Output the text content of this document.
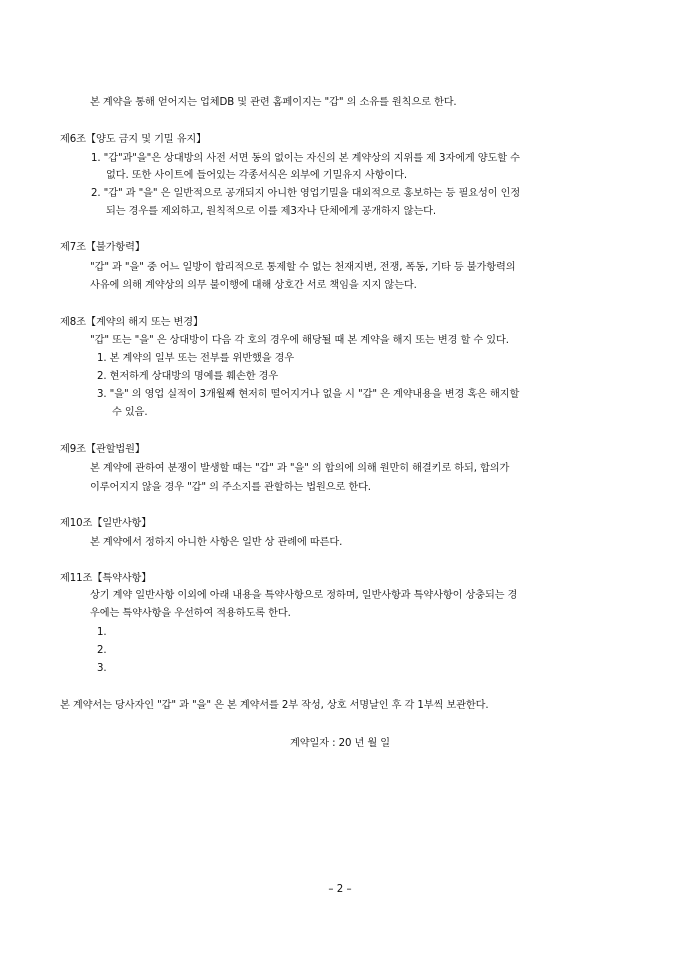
본 계약을 통해 얻어지는 업체DB 및 관련 홈페이지는 "갑" 의 소유를 원칙으로 한다.
제6조【양도 금지 및 기밀 유지】
1. "갑"과"을"은 상대방의 사전 서면 동의 없이는 자신의 본 계약상의 지위를 제 3자에게 양도할 수
없다. 또한 사이트에 들어있는 각종서식은 외부에 기밀유지 사항이다.
2. "갑" 과 "을" 은 일반적으로 공개되지 아니한 영업기밀을 대외적으로 홍보하는 등 필요성이 인정
되는 경우를 제외하고, 원칙적으로 이를 제3자나 단체에게 공개하지 않는다.
제7조【불가항력】
"갑" 과 "을" 중 어느 일방이 합리적으로 통제할 수 없는 천재지변, 전쟁, 폭동, 기타 등 불가항력의
사유에 의해 계약상의 의무 불이행에 대해 상호간 서로 책임을 지지 않는다.
제8조【계약의 해지 또는 변경】
"갑" 또는 "을" 은 상대방이 다음 각 호의 경우에 해당될 때 본 계약을 해지 또는 변경 할 수 있다.
1. 본 계약의 일부 또는 전부를 위반했을 경우
2. 현저하게 상대방의 명예를 훼손한 경우
3. "을" 의 영업 실적이 3개월째 현저히 떨어지거나 없을 시 "갑" 은 계약내용을 변경 혹은 해지할
수 있음.
제9조【관할법원】
본 계약에 관하여 분쟁이 발생할 때는 "갑" 과 "을" 의 합의에 의해 원만히 해결키로 하되, 합의가
이루어지지 않을 경우 "갑" 의 주소지를 관할하는 법원으로 한다.
제10조【일반사항】
본 계약에서 정하지 아니한 사항은 일반 상 관례에 따른다.
제11조【특약사항】
상기 계약 일반사항 이외에 아래 내용을 특약사항으로 정하며, 일반사항과 특약사항이 상충되는 경
우에는 특약사항을 우선하여 적용하도록 한다.
1.
2.
3.
본 계약서는 당사자인 "갑" 과 "을" 은 본 계약서를 2부 작성, 상호 서명날인 후 각 1부씩 보관한다.
계약일자 : 20 년 월 일
– 2 –
